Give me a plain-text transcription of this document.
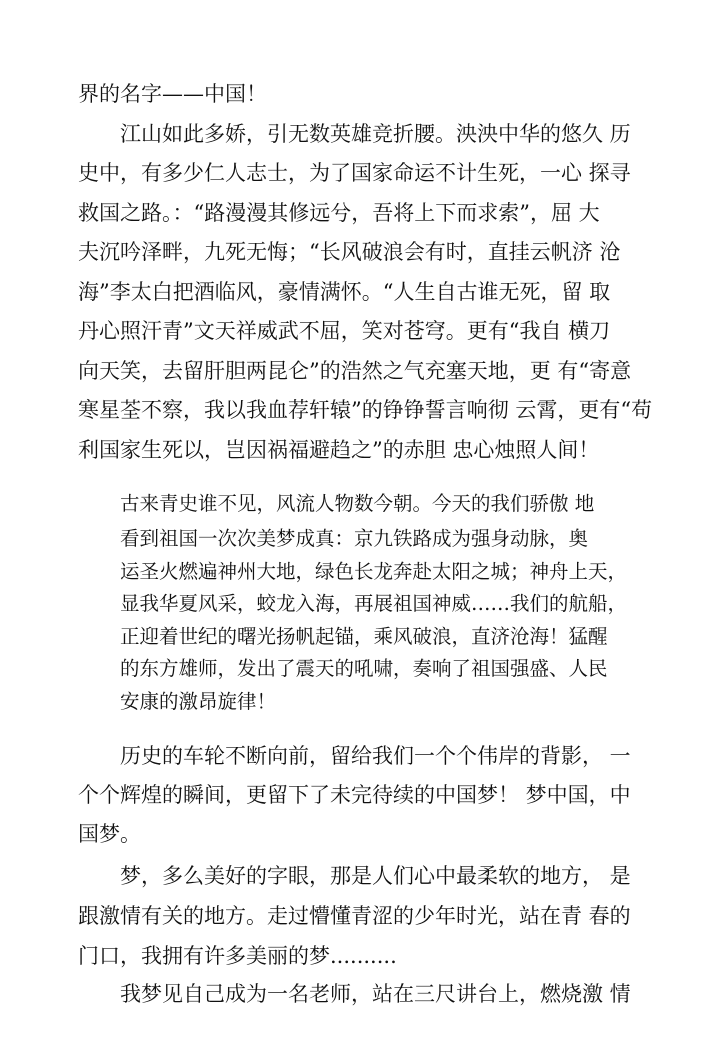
界的名字——中国！
江山如此多娇，引无数英雄竞折腰。泱泱中华的悠久 历
史中，有多少仁人志士，为了国家命运不计生死，一心 探寻
救国之路。：“路漫漫其修远兮，吾将上下而求索”，屈 大
夫沉吟泽畔，九死无悔；“长风破浪会有时，直挂云帆济 沧
海”李太白把酒临风，豪情满怀。“人生自古谁无死，留 取
丹心照汗青”文天祥威武不屈，笑对苍穹。更有“我自 横刀
向天笑，去留肝胆两昆仑”的浩然之气充塞天地，更 有“寄意
寒星荃不察，我以我血荐轩辕”的铮铮誓言响彻 云霄，更有“苟
利国家生死以，岂因祸福避趋之”的赤胆 忠心烛照人间！
古来青史谁不见，风流人物数今朝。今天的我们骄傲 地
看到祖国一次次美梦成真：京九铁路成为强身动脉，奥
运圣火燃遍神州大地，绿色长龙奔赴太阳之城；神舟上天，
显我华夏风采，蛟龙入海，再展祖国神威……我们的航船，
正迎着世纪的曙光扬帆起锚，乘风破浪，直济沧海！猛醒
的东方雄师，发出了震天的吼啸，奏响了祖国强盛、人民
安康的激昂旋律！
历史的车轮不断向前，留给我们一个个伟岸的背影， 一
个个辉煌的瞬间，更留下了未完待续的中国梦！ 梦中国，中
国梦。
梦，多么美好的字眼，那是人们心中最柔软的地方， 是
跟激情有关的地方。走过懵懂青涩的少年时光，站在青 春的
门口，我拥有许多美丽的梦..........
我梦见自己成为一名老师，站在三尺讲台上，燃烧激 情
